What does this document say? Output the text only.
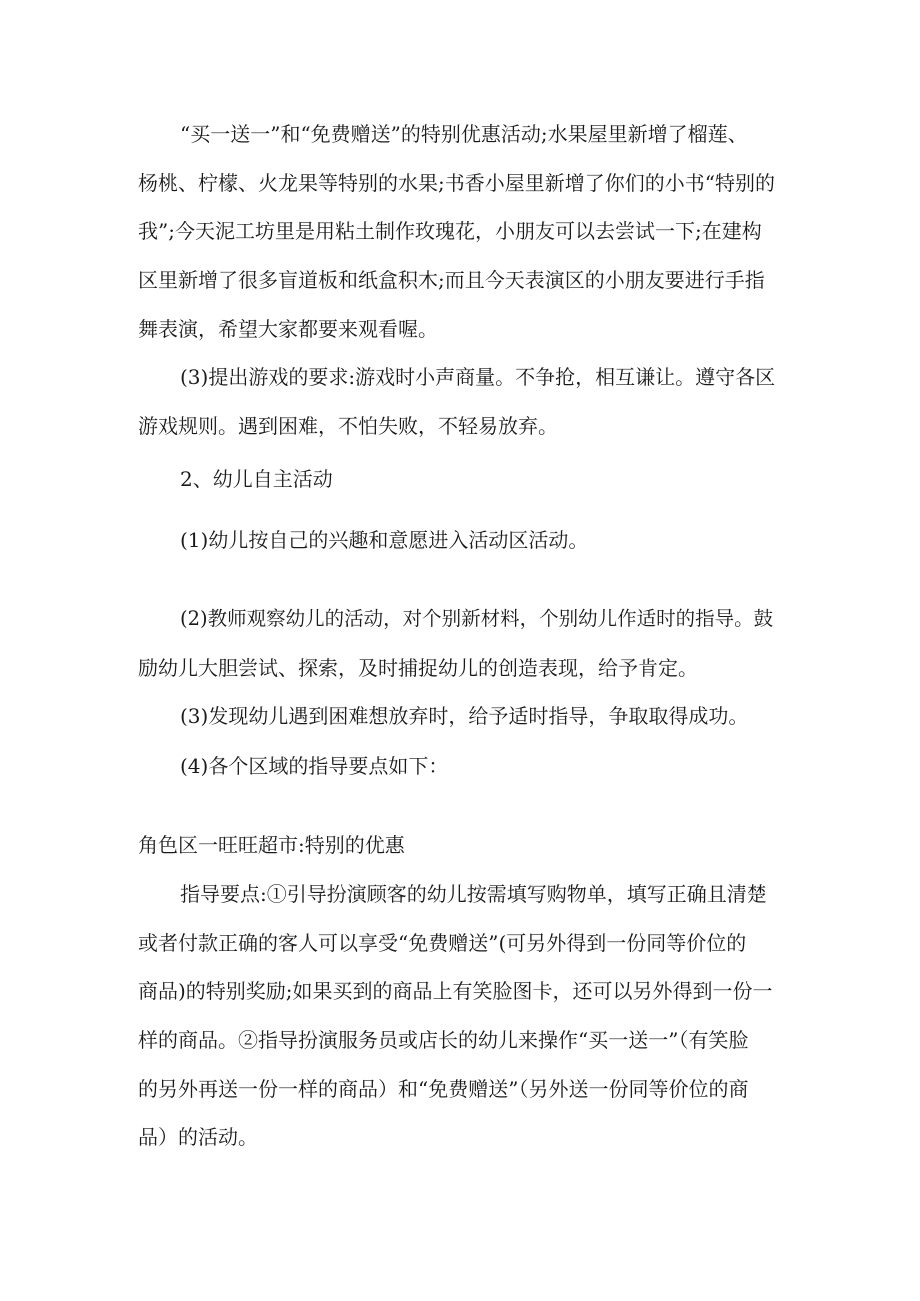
“买一送一”和“免费赠送”的特别优惠活动;水果屋里新增了榴莲、
杨桃、柠檬、火龙果等特别的水果;书香小屋里新增了你们的小书“特别的
我”;今天泥工坊里是用粘土制作玫瑰花，小朋友可以去尝试一下;在建构
区里新增了很多盲道板和纸盒积木;而且今天表演区的小朋友要进行手指
舞表演，希望大家都要来观看喔。
(3)提出游戏的要求:游戏时小声商量。不争抢，相互谦让。遵守各区
游戏规则。遇到困难，不怕失败，不轻易放弃。
2、幼儿自主活动
(1)幼儿按自己的兴趣和意愿进入活动区活动。
(2)教师观察幼儿的活动，对个别新材料，个别幼儿作适时的指导。鼓
励幼儿大胆尝试、探索，及时捕捉幼儿的创造表现，给予肯定。
(3)发现幼儿遇到困难想放弃时，给予适时指导，争取取得成功。
(4)各个区域的指导要点如下：
角色区一旺旺超市:特别的优惠
指导要点:①引导扮演顾客的幼儿按需填写购物单，填写正确且清楚
或者付款正确的客人可以享受“免费赠送”(可另外得到一份同等价位的
商品)的特别奖励;如果买到的商品上有笑脸图卡，还可以另外得到一份一
样的商品。②指导扮演服务员或店长的幼儿来操作“买一送一”（有笑脸
的另外再送一份一样的商品）和“免费赠送”（另外送一份同等价位的商
品）的活动。
